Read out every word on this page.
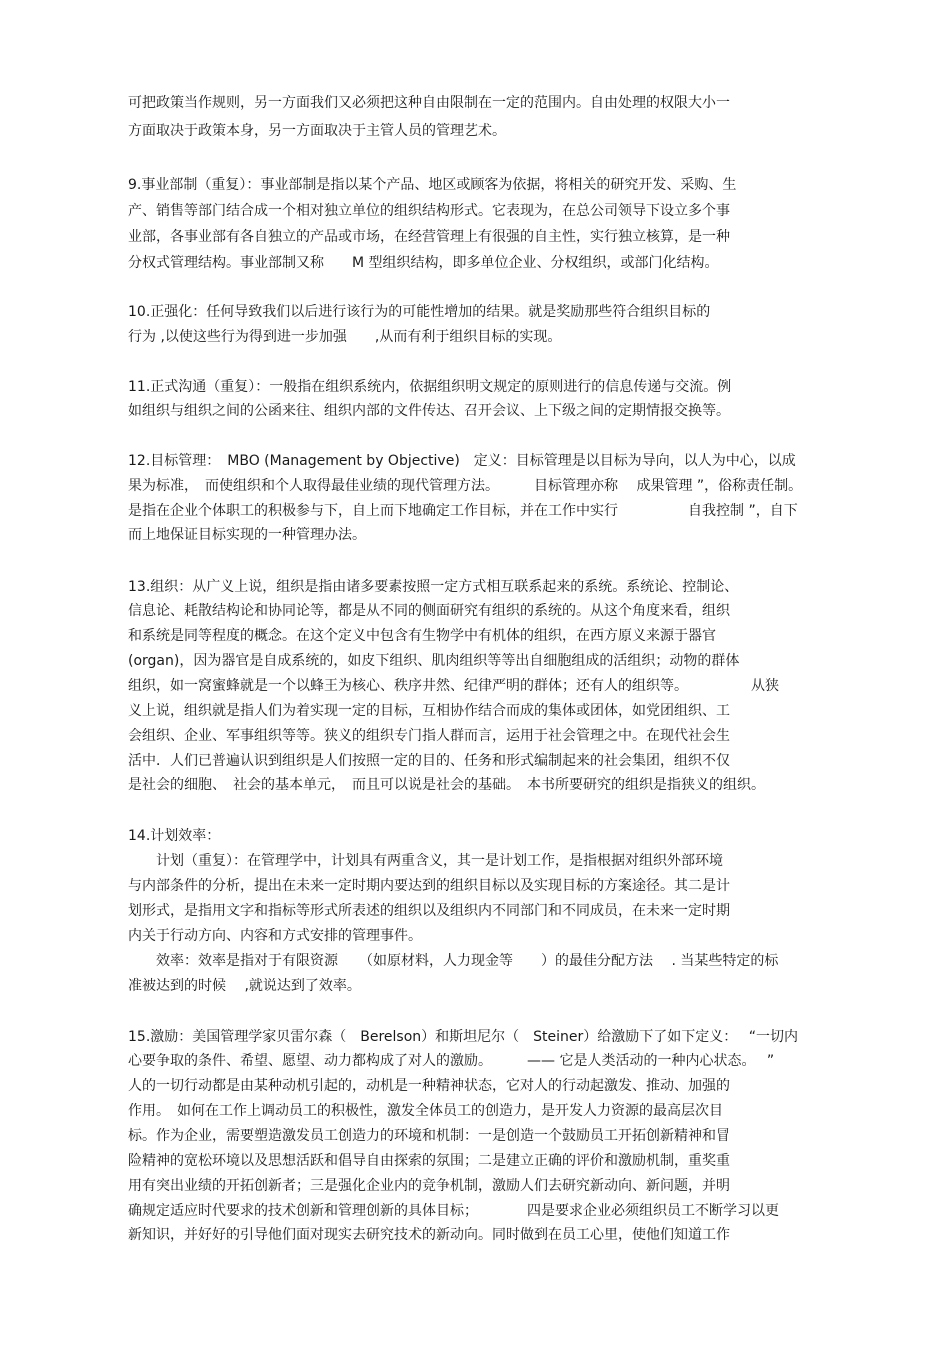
可把政策当作规则，另一方面我们又必须把这种自由限制在一定的范围内。自由处理的权限大小一
方面取决于政策本身，另一方面取决于主管人员的管理艺术。
9.事业部制（重复）：事业部制是指以某个产品、地区或顾客为依据，将相关的研究开发、采购、生
产、销售等部门结合成一个相对独立单位的组织结构形式。它表现为，在总公司领导下设立多个事
业部，各事业部有各自独立的产品或市场，在经营管理上有很强的自主性，实行独立核算，是一种
分权式管理结构。事业部制又称　　M 型组织结构，即多单位企业、分权组织，或部门化结构。
10.正强化：任何导致我们以后进行该行为的可能性增加的结果。就是奖励那些符合组织目标的
行为 ,以使这些行为得到进一步加强　　,从而有利于组织目标的实现。
11.正式沟通（重复）：一般指在组织系统内，依据组织明文规定的原则进行的信息传递与交流。例
如组织与组织之间的公函来往、组织内部的文件传达、召开会议、上下级之间的定期情报交换等。
12.目标管理：　MBO (Management by Objective)　定义：目标管理是以目标为导向，以人为中心，以成
果为标准，　而使组织和个人取得最佳业绩的现代管理方法。　　　目标管理亦称　 成果管理 ”，俗称责任制。
是指在企业个体职工的积极参与下，自上而下地确定工作目标，并在工作中实行　　　　　自我控制 ”，自下
而上地保证目标实现的一种管理办法。
13.组织：从广义上说，组织是指由诸多要素按照一定方式相互联系起来的系统。系统论、控制论、
信息论、耗散结构论和协同论等，都是从不同的侧面研究有组织的系统的。从这个角度来看，组织
和系统是同等程度的概念。在这个定义中包含有生物学中有机体的组织，在西方原义来源于器官
(organ)，因为器官是自成系统的，如皮下组织、肌肉组织等等出自细胞组成的活组织；动物的群体
组织，如一窝蜜蜂就是一个以蜂王为核心、秩序井然、纪律严明的群体；还有人的组织等。　　　　　从狭
义上说，组织就是指人们为着实现一定的目标，互相协作结合而成的集体或团体，如党团组织、工
会组织、企业、军事组织等等。狭义的组织专门指人群而言，运用于社会管理之中。在现代社会生
活中．人们已普遍认识到组织是人们按照一定的目的、任务和形式编制起来的社会集团，组织不仅
是社会的细胞、　社会的基本单元，　而且可以说是社会的基础。　本书所要研究的组织是指狭义的组织。
14.计划效率：
　　计划（重复）：在管理学中，计划具有两重含义，其一是计划工作，是指根据对组织外部环境
与内部条件的分析，提出在未来一定时期内要达到的组织目标以及实现目标的方案途径。其二是计
划形式，是指用文字和指标等形式所表述的组织以及组织内不同部门和不同成员，在未来一定时期
内关于行动方向、内容和方式安排的管理事件。
　　效率：效率是指对于有限资源　　（如原材料，人力现金等　　）的最佳分配方法　 . 当某些特定的标
准被达到的时候　 ,就说达到了效率。
15.激励：美国管理学家贝雷尔森（　Berelson）和斯坦尼尔（　Steiner）给激励下了如下定义：　 “一切内
心要争取的条件、希望、愿望、动力都构成了对人的激励。　　　—— 它是人类活动的一种内心状态。　 ”
人的一切行动都是由某种动机引起的，动机是一种精神状态，它对人的行动起激发、推动、加强的
作用。　如何在工作上调动员工的积极性，激发全体员工的创造力，是开发人力资源的最高层次目
标。作为企业，需要塑造激发员工创造力的环境和机制：一是创造一个鼓励员工开拓创新精神和冒
险精神的宽松环境以及思想活跃和倡导自由探索的氛围；二是建立正确的评价和激励机制，重奖重
用有突出业绩的开拓创新者；三是强化企业内的竞争机制，激励人们去研究新动向、新问题，并明
确规定适应时代要求的技术创新和管理创新的具体目标；　　　　四是要求企业必须组织员工不断学习以更
新知识，并好好的引导他们面对现实去研究技术的新动向。同时做到在员工心里，使他们知道工作
